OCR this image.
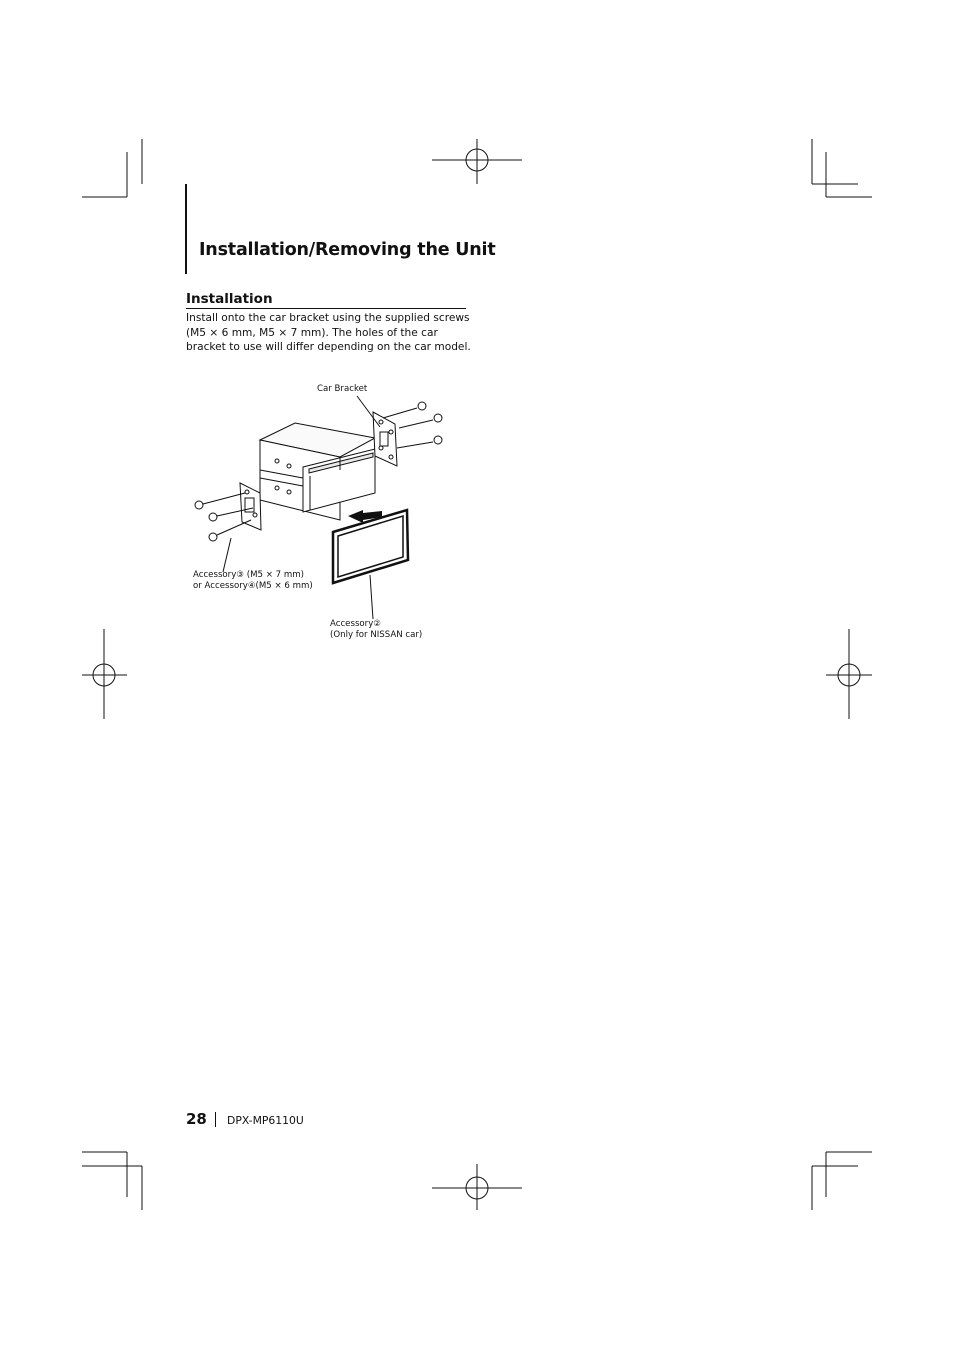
Installation/Removing the Unit
Installation

Install onto the car bracket using the supplied screws (M5 × 6 mm, M5 × 7 mm). The holes of the car bracket to use will differ depending on the car model.

Car Bracket
Accessory③ (M5 × 7 mm)
or Accessory④(M5 × 6 mm)
Accessory②
(Only for NISSAN car)
28 DPX-MP6110U
